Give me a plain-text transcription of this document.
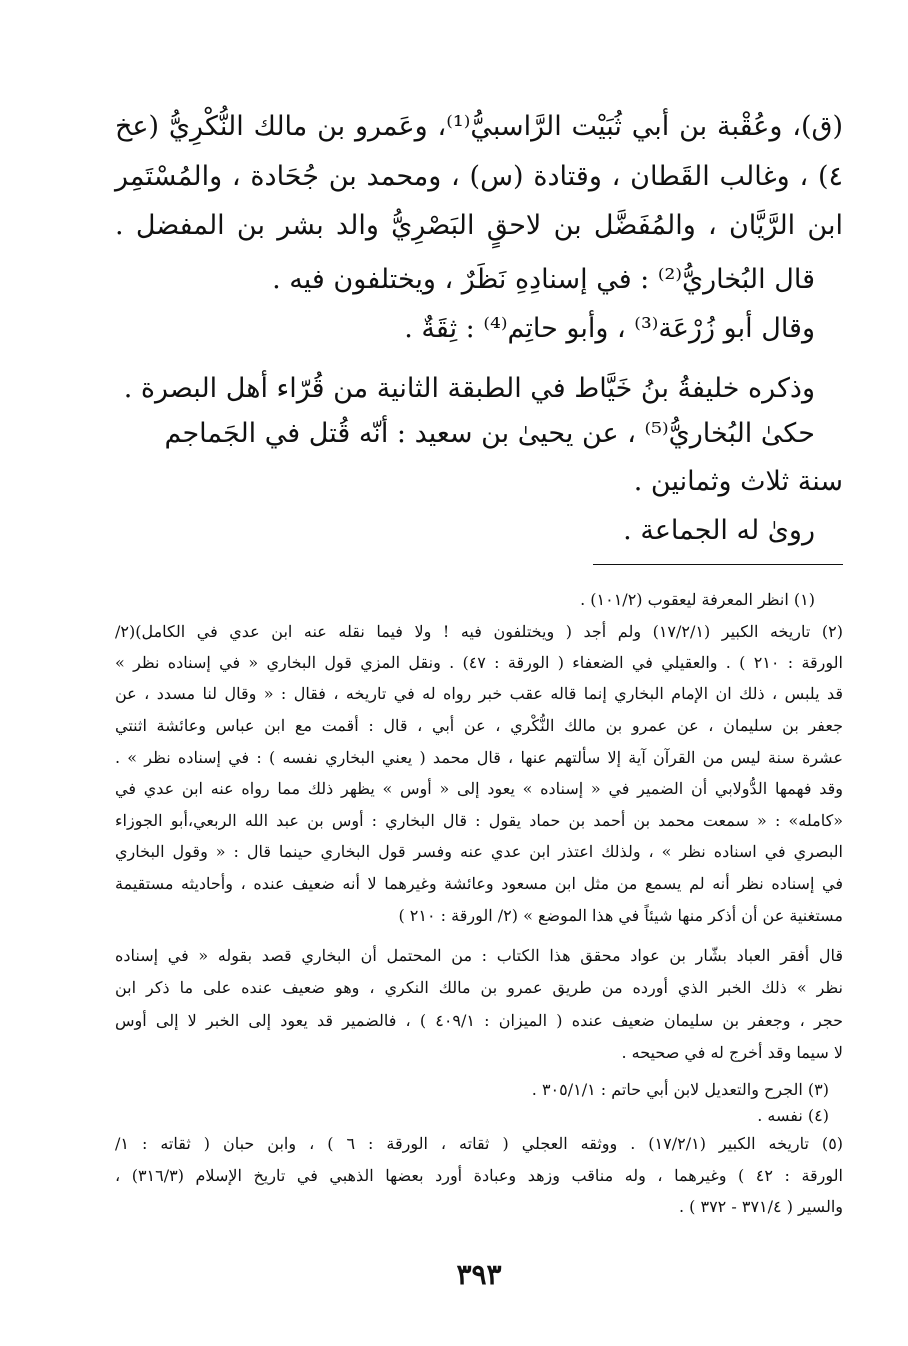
(ق)، وعُقْبة بن أبي ثُبَيْت الرَّاسبيُّ⁽¹⁾، وعَمرو بن مالك النُّكْرِيُّ (عخ
٤) ، وغالب القَطان ، وقتادة (س) ، ومحمد بن جُحَادة ، والمُسْتَمِر
ابن الرَّيَّان ، والمُفَضَّل بن لاحقٍ البَصْرِيُّ والد بشر بن المفضل .
قال البُخاريُّ⁽²⁾ : في إسنادِهِ نَظَرٌ ، ويختلفون فيه .
وقال أبو زُرْعَة⁽³⁾ ، وأبو حاتِم⁽⁴⁾ : ثِقَةٌ .
وذكره خليفةُ بنُ خَيَّاط في الطبقة الثانية من قُرّاء أهل البصرة .
حكىٰ البُخاريُّ⁽⁵⁾ ، عن يحيىٰ بن سعيد : أنّه قُتل في الجَماجم
سنة ثلاث وثمانين .
روىٰ له الجماعة .
(١) انظر المعرفة ليعقوب (١٠١/٢) .
(٢) تاريخه الكبير (١٧/٢/١) ولم أجد ( ويختلفون فيه ! ولا فيما نقله عنه ابن عدي في الكامل)(٢/
الورقة : ٢١٠ ) . والعقيلي في الضعفاء ( الورقة : ٤٧) . ونقل المزي قول البخاري « في إسناده نظر »
قد يلبس ، ذلك ان الإمام البخاري إنما قاله عقب خبر رواه له في تاريخه ، فقال : « وقال لنا مسدد ، عن
جعفر بن سليمان ، عن عمرو بن مالك النُّكْري ، عن أبي ، قال : أقمت مع ابن عباس وعائشة اثنتي
عشرة سنة ليس من القرآن آية إلا سألتهم عنها ، قال محمد ( يعني البخاري نفسه ) : في إسناده نظر » .
وقد فهمها الدُّولابي أن الضمير في « إسناده » يعود إلى « أوس » يظهر ذلك مما رواه عنه ابن عدي في
«كامله» : « سمعت محمد بن أحمد بن حماد يقول : قال البخاري : أوس بن عبد الله الربعي،أبو الجوزاء
البصري في اسناده نظر » ، ولذلك اعتذر ابن عدي عنه وفسر قول البخاري حينما قال : « وقول البخاري
في إسناده نظر أنه لم يسمع من مثل ابن مسعود وعائشة وغيرهما لا أنه ضعيف عنده ، وأحاديثه مستقيمة
مستغنية عن أن أذكر منها شيئاً في هذا الموضع » (٢/ الورقة : ٢١٠ )
قال أفقر العباد بشّار بن عواد محقق هذا الكتاب : من المحتمل أن البخاري قصد بقوله « في إسناده
نظر » ذلك الخبر الذي أورده من طريق عمرو بن مالك النكري ، وهو ضعيف عنده على ما ذكر ابن
حجر ، وجعفر بن سليمان ضعيف عنده ( الميزان : ٤٠٩/١ ) ، فالضمير قد يعود إلى الخبر لا إلى أوس
لا سيما وقد أخرج له في صحيحه .
(٣) الجرح والتعديل لابن أبي حاتم : ٣٠٥/١/١ .
(٤) نفسه .
(٥) تاريخه الكبير (١٧/٢/١) . ووثقه العجلي ( ثقاته ، الورقة : ٦ ) ، وابن حبان ( ثقاته : ١/
الورقة : ٤٢ ) وغيرهما ، وله مناقب وزهد وعبادة أورد بعضها الذهبي في تاريخ الإسلام (٣١٦/٣) ،
والسير ( ٣٧١/٤ - ٣٧٢ ) .
٣٩٣
